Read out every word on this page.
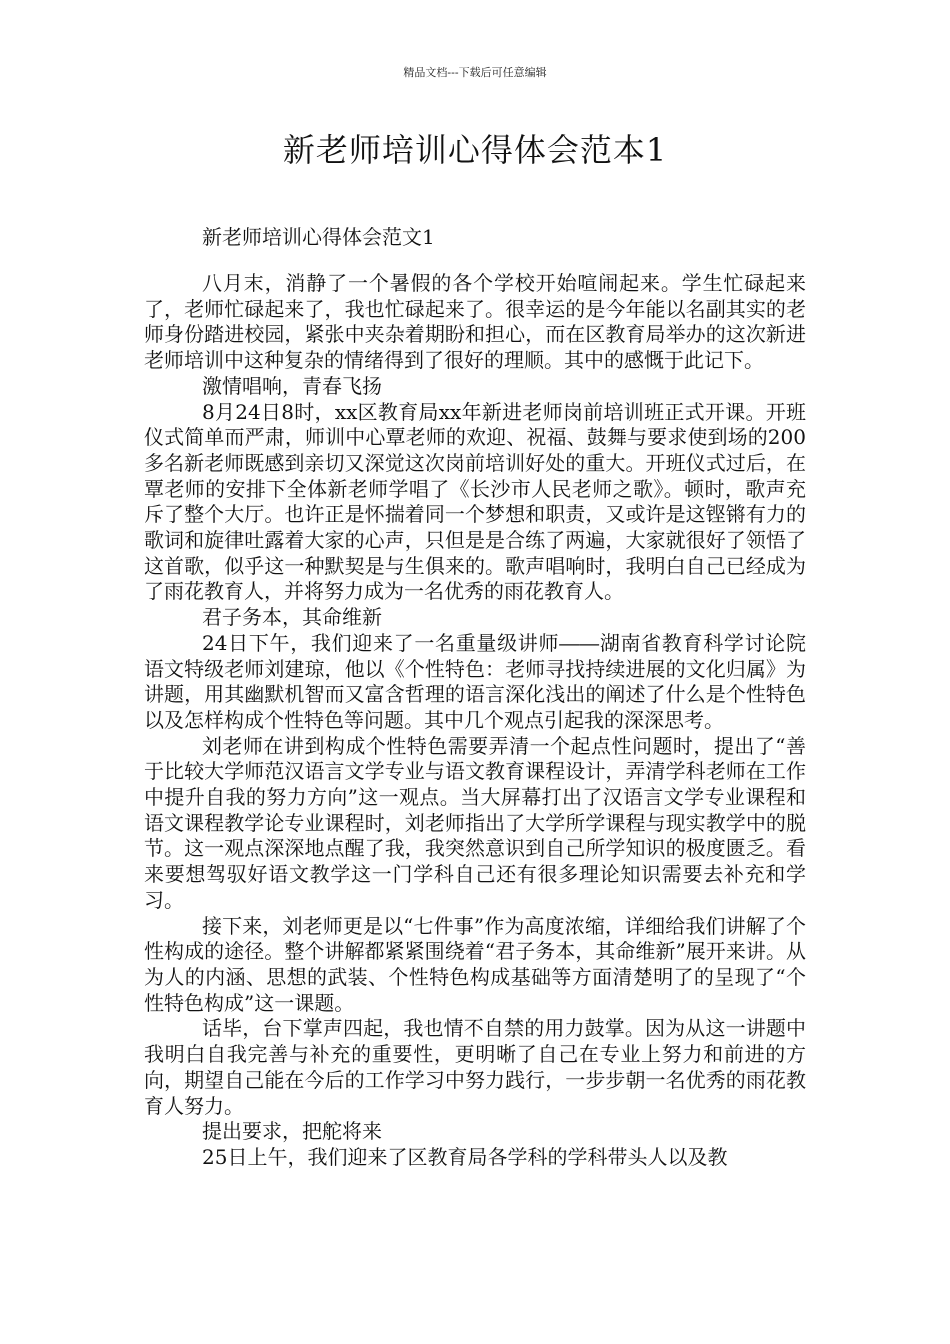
精品文档---下载后可任意编辑
新老师培训心得体会范本1

新老师培训心得体会范文1

八月末，消静了一个暑假的各个学校开始喧闹起来。学生忙碌起来了，老师忙碌起来了，我也忙碌起来了。很幸运的是今年能以名副其实的老师身份踏进校园，紧张中夹杂着期盼和担心，而在区教育局举办的这次新进老师培训中这种复杂的情绪得到了很好的理顺。其中的感慨于此记下。

激情唱响，青春飞扬

8月24日8时，xx区教育局xx年新进老师岗前培训班正式开课。开班仪式简单而严肃，师训中心覃老师的欢迎、祝福、鼓舞与要求使到场的200多名新老师既感到亲切又深觉这次岗前培训好处的重大。开班仪式过后，在覃老师的安排下全体新老师学唱了《长沙市人民老师之歌》。顿时，歌声充斥了整个大厅。也许正是怀揣着同一个梦想和职责，又或许是这铿锵有力的歌词和旋律吐露着大家的心声，只但是是合练了两遍，大家就很好了领悟了这首歌，似乎这一种默契是与生俱来的。歌声唱响时，我明白自己已经成为了雨花教育人，并将努力成为一名优秀的雨花教育人。

君子务本，其命维新

24日下午，我们迎来了一名重量级讲师――湖南省教育科学讨论院语文特级老师刘建琼，他以《个性特色：老师寻找持续进展的文化归属》为讲题，用其幽默机智而又富含哲理的语言深化浅出的阐述了什么是个性特色以及怎样构成个性特色等问题。其中几个观点引起我的深深思考。

刘老师在讲到构成个性特色需要弄清一个起点性问题时，提出了“善于比较大学师范汉语言文学专业与语文教育课程设计，弄清学科老师在工作中提升自我的努力方向”这一观点。当大屏幕打出了汉语言文学专业课程和语文课程教学论专业课程时，刘老师指出了大学所学课程与现实教学中的脱节。这一观点深深地点醒了我，我突然意识到自己所学知识的极度匮乏。看来要想驾驭好语文教学这一门学科自己还有很多理论知识需要去补充和学习。

接下来，刘老师更是以“七件事”作为高度浓缩，详细给我们讲解了个性构成的途径。整个讲解都紧紧围绕着“君子务本，其命维新”展开来讲。从为人的内涵、思想的武装、个性特色构成基础等方面清楚明了的呈现了“个性特色构成”这一课题。

话毕，台下掌声四起，我也情不自禁的用力鼓掌。因为从这一讲题中我明白自我完善与补充的重要性，更明晰了自己在专业上努力和前进的方向，期望自己能在今后的工作学习中努力践行，一步步朝一名优秀的雨花教育人努力。

提出要求，把舵将来

25日上午，我们迎来了区教育局各学科的学科带头人以及教
